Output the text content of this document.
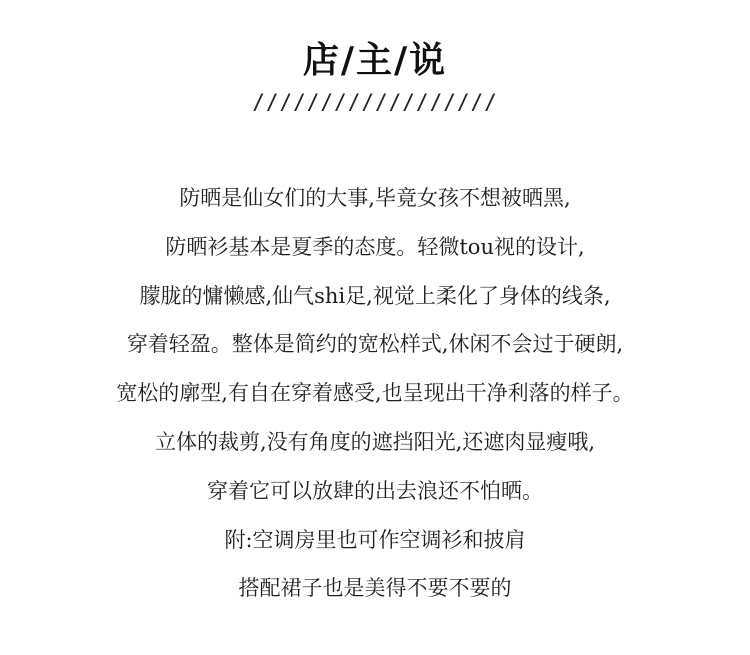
店/主/说
//////////////////
防晒是仙女们的大事,毕竟女孩不想被晒黑,
防晒衫基本是夏季的态度。轻微tou视的设计,
朦胧的慵懒感,仙气shi足,视觉上柔化了身体的线条,
穿着轻盈。整体是简约的宽松样式,休闲不会过于硬朗,
宽松的廓型,有自在穿着感受,也呈现出干净利落的样子。
立体的裁剪,没有角度的遮挡阳光,还遮肉显瘦哦,
穿着它可以放肆的出去浪还不怕晒。
附:空调房里也可作空调衫和披肩
搭配裙子也是美得不要不要的
